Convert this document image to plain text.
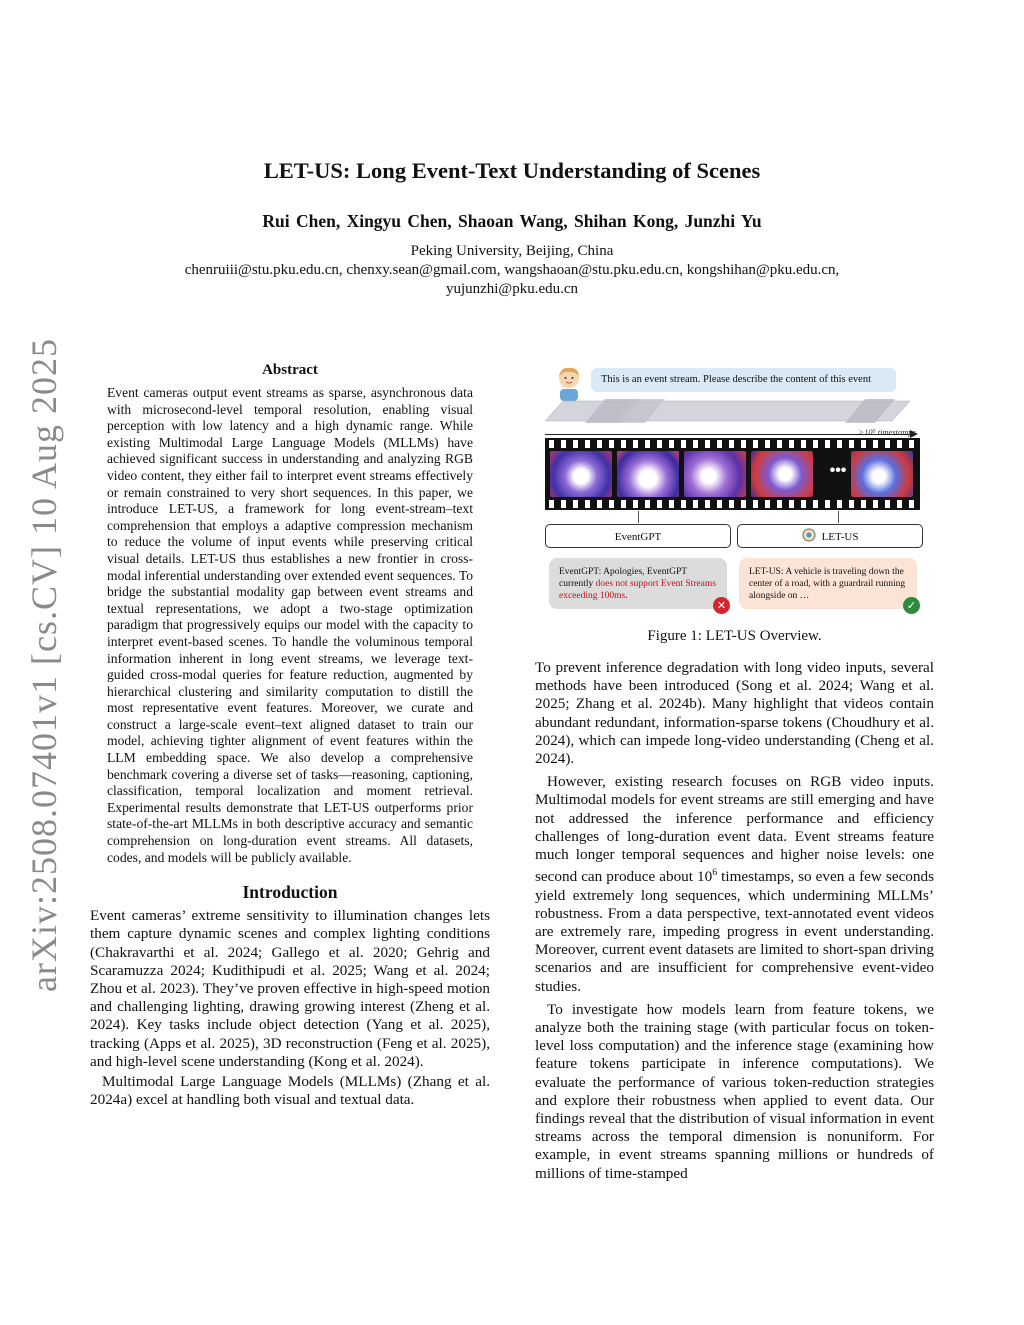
arXiv:2508.07401v1 [cs.CV] 10 Aug 2025
LET-US: Long Event-Text Understanding of Scenes
Rui Chen, Xingyu Chen, Shaoan Wang, Shihan Kong, Junzhi Yu
Peking University, Beijing, China
chenruiii@stu.pku.edu.cn, chenxy.sean@gmail.com, wangshaoan@stu.pku.edu.cn, kongshihan@pku.edu.cn,
yujunzhi@pku.edu.cn
Abstract

Event cameras output event streams as sparse, asynchronous data with microsecond-level temporal resolution, enabling visual perception with low latency and a high dynamic range. While existing Multimodal Large Language Models (MLLMs) have achieved significant success in understanding and analyzing RGB video content, they either fail to interpret event streams effectively or remain constrained to very short sequences. In this paper, we introduce LET-US, a framework for long event-stream–text comprehension that employs a adaptive compression mechanism to reduce the volume of input events while preserving critical visual details. LET-US thus establishes a new frontier in cross-modal inferential understanding over extended event sequences. To bridge the substantial modality gap between event streams and textual representations, we adopt a two-stage optimization paradigm that progressively equips our model with the capacity to interpret event-based scenes. To handle the voluminous temporal information inherent in long event streams, we leverage text-guided cross-modal queries for feature reduction, augmented by hierarchical clustering and similarity computation to distill the most representative event features. Moreover, we curate and construct a large-scale event–text aligned dataset to train our model, achieving tighter alignment of event features within the LLM embedding space. We also develop a comprehensive benchmark covering a diverse set of tasks—reasoning, captioning, classification, temporal localization and moment retrieval. Experimental results demonstrate that LET-US outperforms prior state-of-the-art MLLMs in both descriptive accuracy and semantic comprehension on long-duration event streams. All datasets, codes, and models will be publicly available.

Introduction

Event cameras’ extreme sensitivity to illumination changes lets them capture dynamic scenes and complex lighting conditions (Chakravarthi et al. 2024; Gallego et al. 2020; Gehrig and Scaramuzza 2024; Kudithipudi et al. 2025; Wang et al. 2024; Zhou et al. 2023). They’ve proven effective in high-speed motion and challenging lighting, drawing growing interest (Zheng et al. 2024). Key tasks include object detection (Yang et al. 2025), tracking (Apps et al. 2025), 3D reconstruction (Feng et al. 2025), and high-level scene understanding (Kong et al. 2024).

Multimodal Large Language Models (MLLMs) (Zhang et al. 2024a) excel at handling both visual and textual data.

This is an event stream. Please describe the content of this event
>10⁵ timestamps
•••
EventGPT	LET-US
EventGPT: Apologies, EventGPT currently does not support Event Streams exceeding 100ms.
✕
LET-US: A vehicle is traveling down the center of a road, with a guardrail running alongside on …
✓
Figure 1: LET-US Overview.

To prevent inference degradation with long video inputs, several methods have been introduced (Song et al. 2024; Wang et al. 2025; Zhang et al. 2024b). Many highlight that videos contain abundant redundant, information-sparse tokens (Choudhury et al. 2024), which can impede long-video understanding (Cheng et al. 2024).

However, existing research focuses on RGB video inputs. Multimodal models for event streams are still emerging and have not addressed the inference performance and efficiency challenges of long-duration event data. Event streams feature much longer temporal sequences and higher noise levels: one second can produce about $10^6$ timestamps, so even a few seconds yield extremely long sequences, which undermining MLLMs’ robustness. From a data perspective, text-annotated event videos are extremely rare, impeding progress in event understanding. Moreover, current event datasets are limited to short-span driving scenarios and are insufficient for comprehensive event-video studies.

To investigate how models learn from feature tokens, we analyze both the training stage (with particular focus on token-level loss computation) and the inference stage (examining how feature tokens participate in inference computations). We evaluate the performance of various token-reduction strategies and explore their robustness when applied to event data. Our findings reveal that the distribution of visual information in event streams across the temporal dimension is nonuniform. For example, in event streams spanning millions or hundreds of millions of time-stamped
